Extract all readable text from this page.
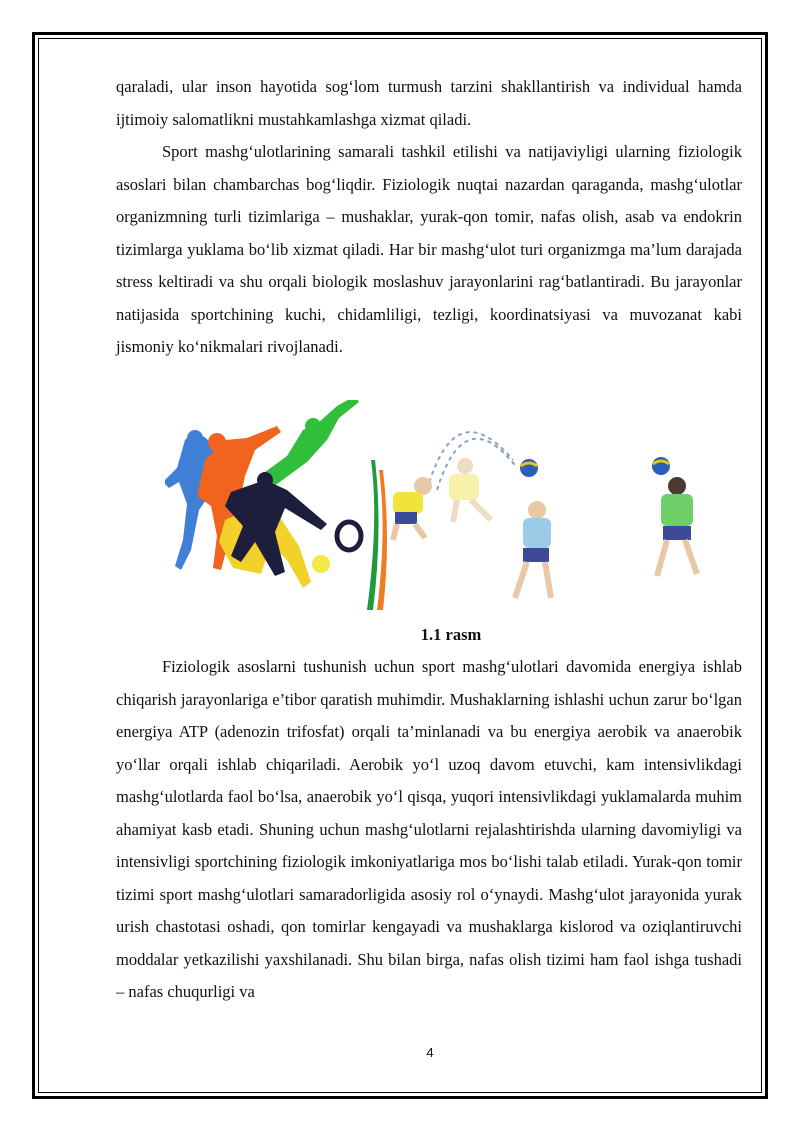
qaraladi, ular inson hayotida sog‘lom turmush tarzini shakllantirish va individual hamda ijtimoiy salomatlikni mustahkamlashga xizmat qiladi.

Sport mashg‘ulotlarining samarali tashkil etilishi va natijaviyligi ularning fiziologik asoslari bilan chambarchas bog‘liqdir. Fiziologik nuqtai nazardan qaraganda, mashg‘ulotlar organizmning turli tizimlariga – mushaklar, yurak-qon tomir, nafas olish, asab va endokrin tizimlarga yuklama bo‘lib xizmat qiladi. Har bir mashg‘ulot turi organizmga ma’lum darajada stress keltiradi va shu orqali biologik moslashuv jarayonlarini rag‘batlantiradi. Bu jarayonlar natijasida sportchining kuchi, chidamliligi, tezligi, koordinatsiyasi va muvozanat kabi jismoniy ko‘nikmalari rivojlanadi.

1.1 rasm

Fiziologik asoslarni tushunish uchun sport mashg‘ulotlari davomida energiya ishlab chiqarish jarayonlariga e’tibor qaratish muhimdir. Mushaklarning ishlashi uchun zarur bo‘lgan energiya ATP (adenozin trifosfat) orqali ta’minlanadi va bu energiya aerobik va anaerobik yo‘llar orqali ishlab chiqariladi. Aerobik yo‘l uzoq davom etuvchi, kam intensivlikdagi mashg‘ulotlarda faol bo‘lsa, anaerobik yo‘l qisqa, yuqori intensivlikdagi yuklamalarda muhim ahamiyat kasb etadi. Shuning uchun mashg‘ulotlarni rejalashtirishda ularning davomiyligi va intensivligi sportchining fiziologik imkoniyatlariga mos bo‘lishi talab etiladi. Yurak-qon tomir tizimi sport mashg‘ulotlari samaradorligida asosiy rol o‘ynaydi. Mashg‘ulot jarayonida yurak urish chastotasi oshadi, qon tomirlar kengayadi va mushaklarga kislorod va oziqlantiruvchi moddalar yetkazilishi yaxshilanadi. Shu bilan birga, nafas olish tizimi ham faol ishga tushadi – nafas chuqurligi va

4
